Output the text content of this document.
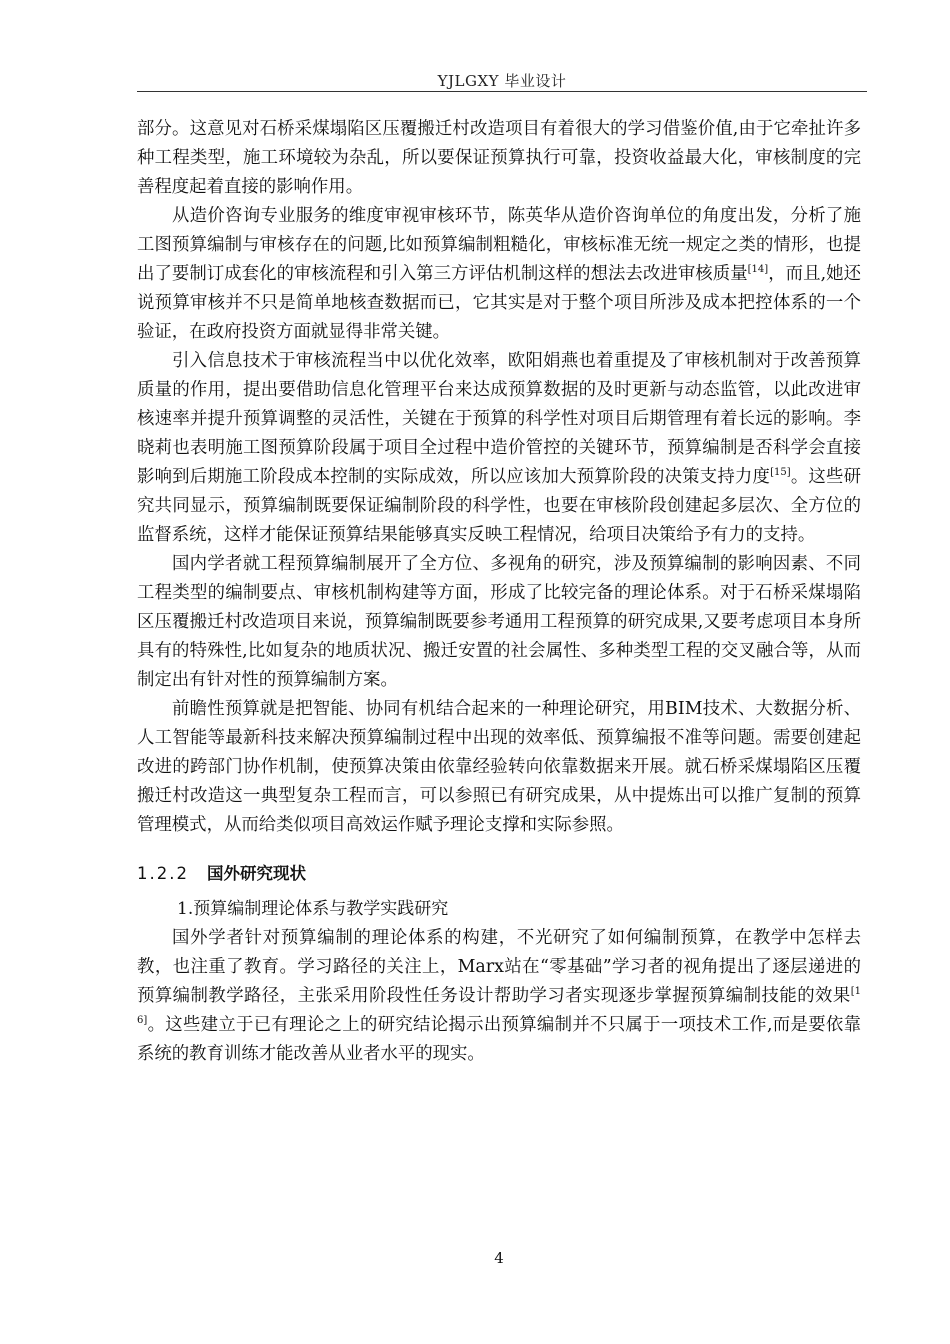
YJLGXY 毕业设计

部分。这意见对石桥采煤塌陷区压覆搬迁村改造项目有着很大的学习借鉴价值,由于它牵扯许多种工程类型，施工环境较为杂乱，所以要保证预算执行可靠，投资收益最大化，审核制度的完善程度起着直接的影响作用。

从造价咨询专业服务的维度审视审核环节，陈英华从造价咨询单位的角度出发，分析了施工图预算编制与审核存在的问题,比如预算编制粗糙化，审核标准无统一规定之类的情形，也提出了要制订成套化的审核流程和引入第三方评估机制这样的想法去改进审核质量[14]，而且,她还说预算审核并不只是简单地核查数据而已，它其实是对于整个项目所涉及成本把控体系的一个验证，在政府投资方面就显得非常关键。

引入信息技术于审核流程当中以优化效率，欧阳娟燕也着重提及了审核机制对于改善预算质量的作用，提出要借助信息化管理平台来达成预算数据的及时更新与动态监管，以此改进审核速率并提升预算调整的灵活性，关键在于预算的科学性对项目后期管理有着长远的影响。李晓莉也表明施工图预算阶段属于项目全过程中造价管控的关键环节，预算编制是否科学会直接影响到后期施工阶段成本控制的实际成效，所以应该加大预算阶段的决策支持力度[15]。这些研究共同显示，预算编制既要保证编制阶段的科学性，也要在审核阶段创建起多层次、全方位的监督系统，这样才能保证预算结果能够真实反映工程情况，给项目决策给予有力的支持。

国内学者就工程预算编制展开了全方位、多视角的研究，涉及预算编制的影响因素、不同工程类型的编制要点、审核机制构建等方面，形成了比较完备的理论体系。对于石桥采煤塌陷区压覆搬迁村改造项目来说，预算编制既要参考通用工程预算的研究成果,又要考虑项目本身所具有的特殊性,比如复杂的地质状况、搬迁安置的社会属性、多种类型工程的交叉融合等，从而制定出有针对性的预算编制方案。

前瞻性预算就是把智能、协同有机结合起来的一种理论研究，用BIM技术、大数据分析、人工智能等最新科技来解决预算编制过程中出现的效率低、预算编报不准等问题。需要创建起改进的跨部门协作机制，使预算决策由依靠经验转向依靠数据来开展。就石桥采煤塌陷区压覆搬迁村改造这一典型复杂工程而言，可以参照已有研究成果，从中提炼出可以推广复制的预算管理模式，从而给类似项目高效运作赋予理论支撑和实际参照。

1.2.2 国外研究现状
1.预算编制理论体系与教学实践研究

国外学者针对预算编制的理论体系的构建，不光研究了如何编制预算，在教学中怎样去教，也注重了教育。学习路径的关注上，Marx站在“零基础”学习者的视角提出了逐层递进的预算编制教学路径，主张采用阶段性任务设计帮助学习者实现逐步掌握预算编制技能的效果[16]。这些建立于已有理论之上的研究结论揭示出预算编制并不只属于一项技术工作,而是要依靠系统的教育训练才能改善从业者水平的现实。

4
